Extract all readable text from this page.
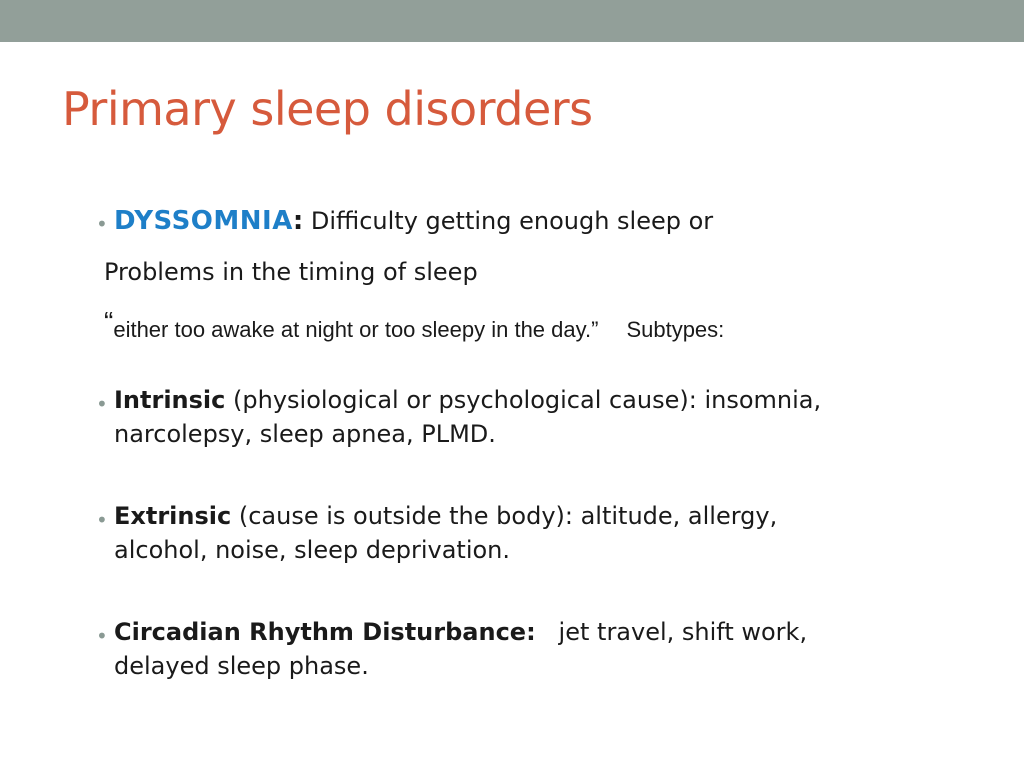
Primary sleep disorders
• DYSSOMNIA: Difficulty getting enough sleep or
Problems in the timing of sleep
“either too awake at night or too sleepy in the day.” Subtypes:
• Intrinsic (physiological or psychological cause): insomnia,
narcolepsy, sleep apnea, PLMD.
• Extrinsic (cause is outside the body): altitude, allergy,
alcohol, noise, sleep deprivation.
• Circadian Rhythm Disturbance:   jet travel, shift work,
delayed sleep phase.
